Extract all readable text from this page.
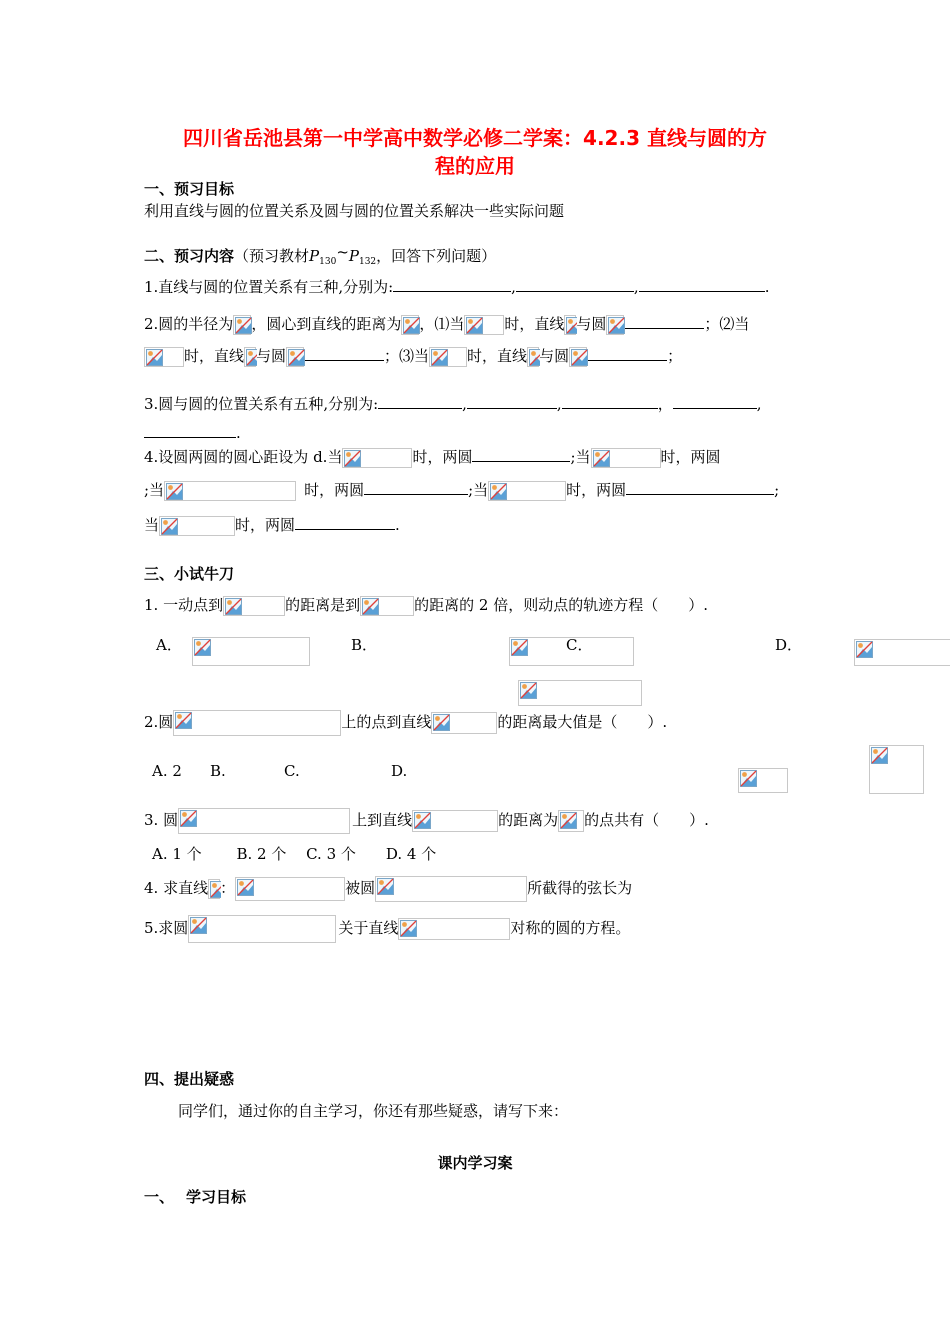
四川省岳池县第一中学高中数学必修二学案：4.2.3 直线与圆的方
程的应用
一、预习目标
利用直线与圆的位置关系及圆与圆的位置关系解决一些实际问题
二、预习内容（预习教材$P_{130}\sim P_{132}$，回答下列问题）
1.直线与圆的位置关系有三种,分别为:	,	,	.
2.圆的半径为 ，圆心到直线的距离为 ，⑴当	时，直线 与圆	；⑵当
时，直线 与圆	；⑶当	时，直线 与圆	；
3.圆与圆的位置关系有五种,分别为:	,	,	，	,
.
4.设圆两圆的圆心距设为 d.当	时，两圆	;当	时，两圆
;当	时，两圆	;当	时，两圆	;
当	时，两圆	.
三、小试牛刀
1. 一动点到	的距离是到	的距离的 2 倍，则动点的轨迹方程（　　）.
A．
	B．
	C．
	D．

2.圆	上的点到直线	的距离最大值是（　　）.
A. 2 B.
	C.
	D.
3. 圆	上到直线	的距离为 的点共有（　　）.
A. 1 个　　 B. 2 个　 C. 3 个　　D. 4 个
4. 求直线 ：	被圆	所截得的弦长为
5.求圆	关于直线	对称的圆的方程。
四、提出疑惑
同学们，通过你的自主学习，你还有那些疑惑，请写下来：
课内学习案
一、 学习目标
